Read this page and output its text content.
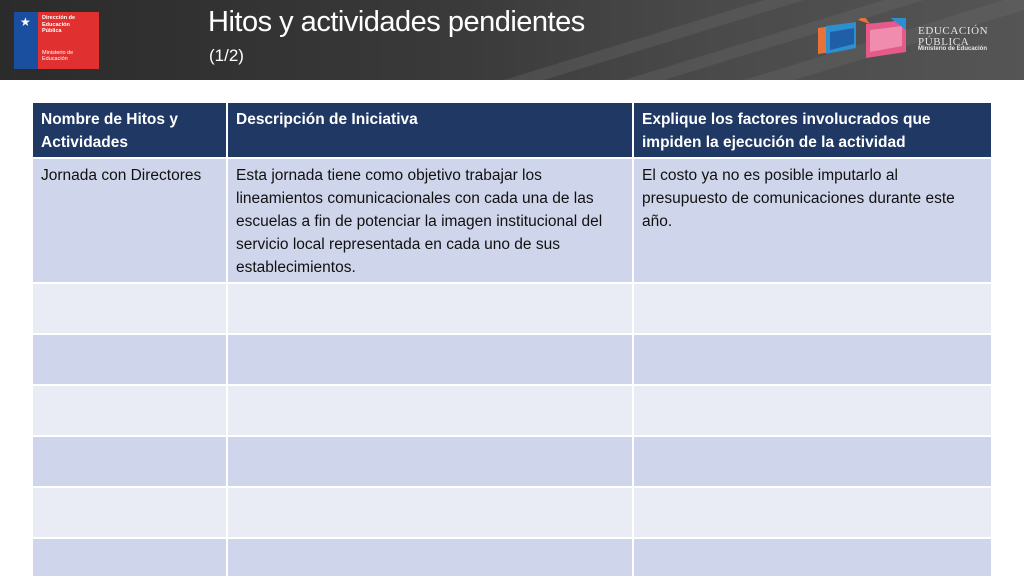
★ Dirección de
Educación
Pública
Ministerio de
Educación
Hitos y actividades pendientes
(1/2)
EDUCACIÓN
PÚBLICA
Ministerio de Educación
Nombre de Hitos y Actividades	Descripción de Iniciativa	Explique los factores involucrados que impiden la ejecución de la actividad
Jornada con Directores	Esta jornada tiene como objetivo trabajar los lineamientos comunicacionales con cada una de las escuelas a fin de potenciar la imagen institucional del servicio local representada en cada uno de sus establecimientos.	El costo ya no es posible imputarlo al presupuesto de comunicaciones durante este año.
